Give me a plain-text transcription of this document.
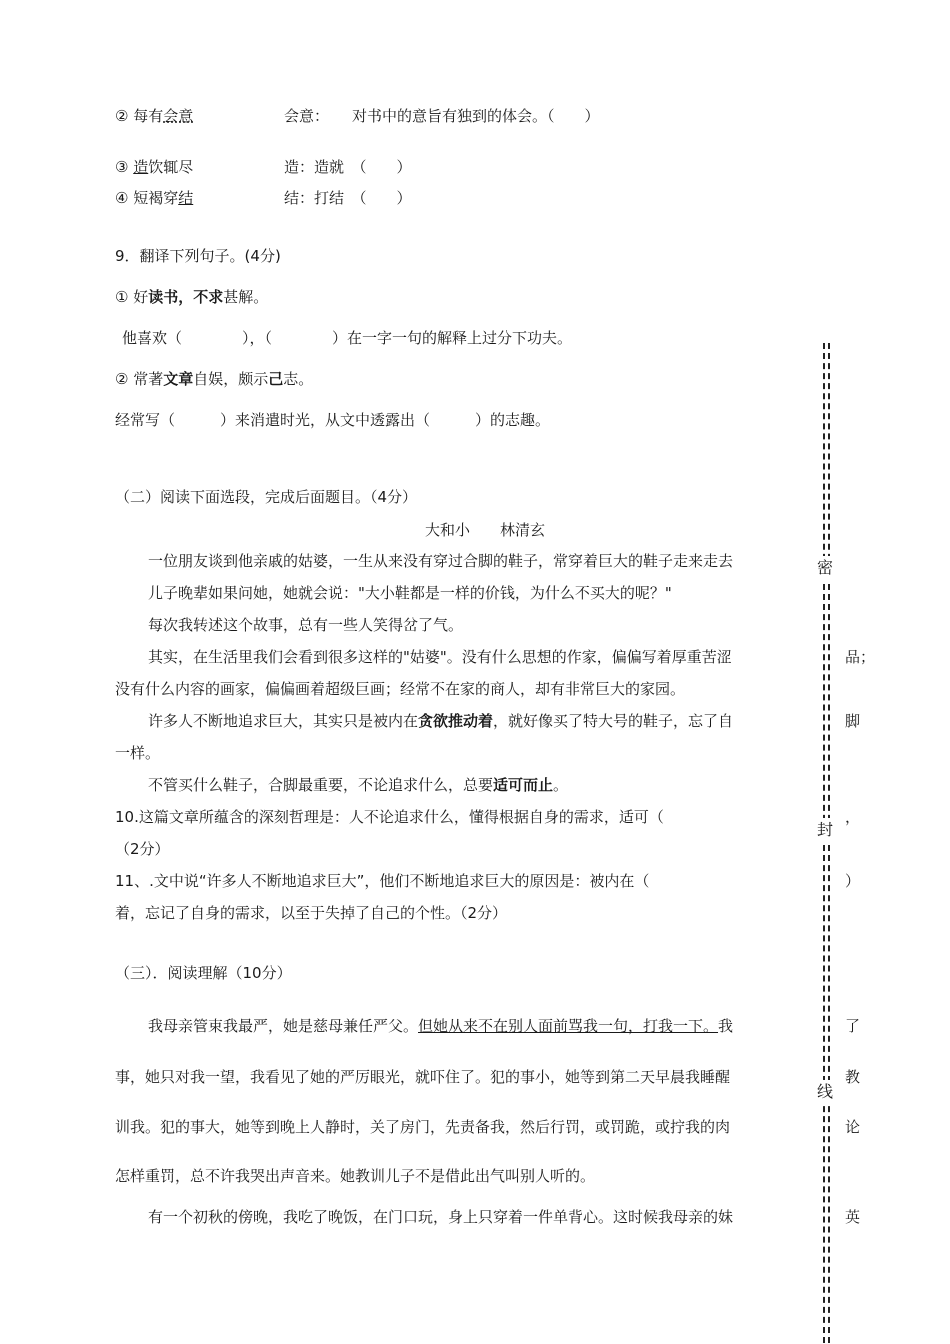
② 每有会意	会意： 对书中的意旨有独到的体会。（　　）
③ 造饮辄尽	造：造就　（　　）
④ 短褐穿结	结：打结　（　　）
9．翻译下列句子。(4分)
① 好读书，不求甚解。
他喜欢（　　　　），（　　　　）在一字一句的解释上过分下功夫。
② 常著文章自娱，颇示己志。
经常写（　　　）来消遣时光，从文中透露出（　　　）的志趣。
（二）阅读下面选段，完成后面题目。（4分）
大和小　　林清玄
一位朋友谈到他亲戚的姑婆，一生从来没有穿过合脚的鞋子，常穿着巨大的鞋子走来走去
儿子晚辈如果问她，她就会说："大小鞋都是一样的价钱，为什么不买大的呢？"
每次我转述这个故事，总有一些人笑得岔了气。
其实，在生活里我们会看到很多这样的"姑婆"。没有什么思想的作家，偏偏写着厚重苦涩	品；
没有什么内容的画家，偏偏画着超级巨画；经常不在家的商人，却有非常巨大的家园。
许多人不断地追求巨大，其实只是被内在贪欲推动着，就好像买了特大号的鞋子，忘了自	脚
一样。
不管买什么鞋子，合脚最重要，不论追求什么，总要适可而止。
10.这篇文章所蕴含的深刻哲理是：人不论追求什么，懂得根据自身的需求，适可（	，
（2分）
11、.文中说“许多人不断地追求巨大”，他们不断地追求巨大的原因是：被内在（	）
着，忘记了自身的需求，以至于失掉了自己的个性。（2分）
（三）．阅读理解（10分）
我母亲管束我最严，她是慈母兼任严父。但她从来不在别人面前骂我一句，打我一下。我	了
事，她只对我一望，我看见了她的严厉眼光，就吓住了。犯的事小，她等到第二天早晨我睡醒	教
训我。犯的事大，她等到晚上人静时，关了房门，先责备我，然后行罚，或罚跪，或拧我的肉	论
怎样重罚，总不许我哭出声音来。她教训儿子不是借此出气叫别人听的。
有一个初秋的傍晚，我吃了晚饭，在门口玩，身上只穿着一件单背心。这时候我母亲的妹	英
密
封
线
